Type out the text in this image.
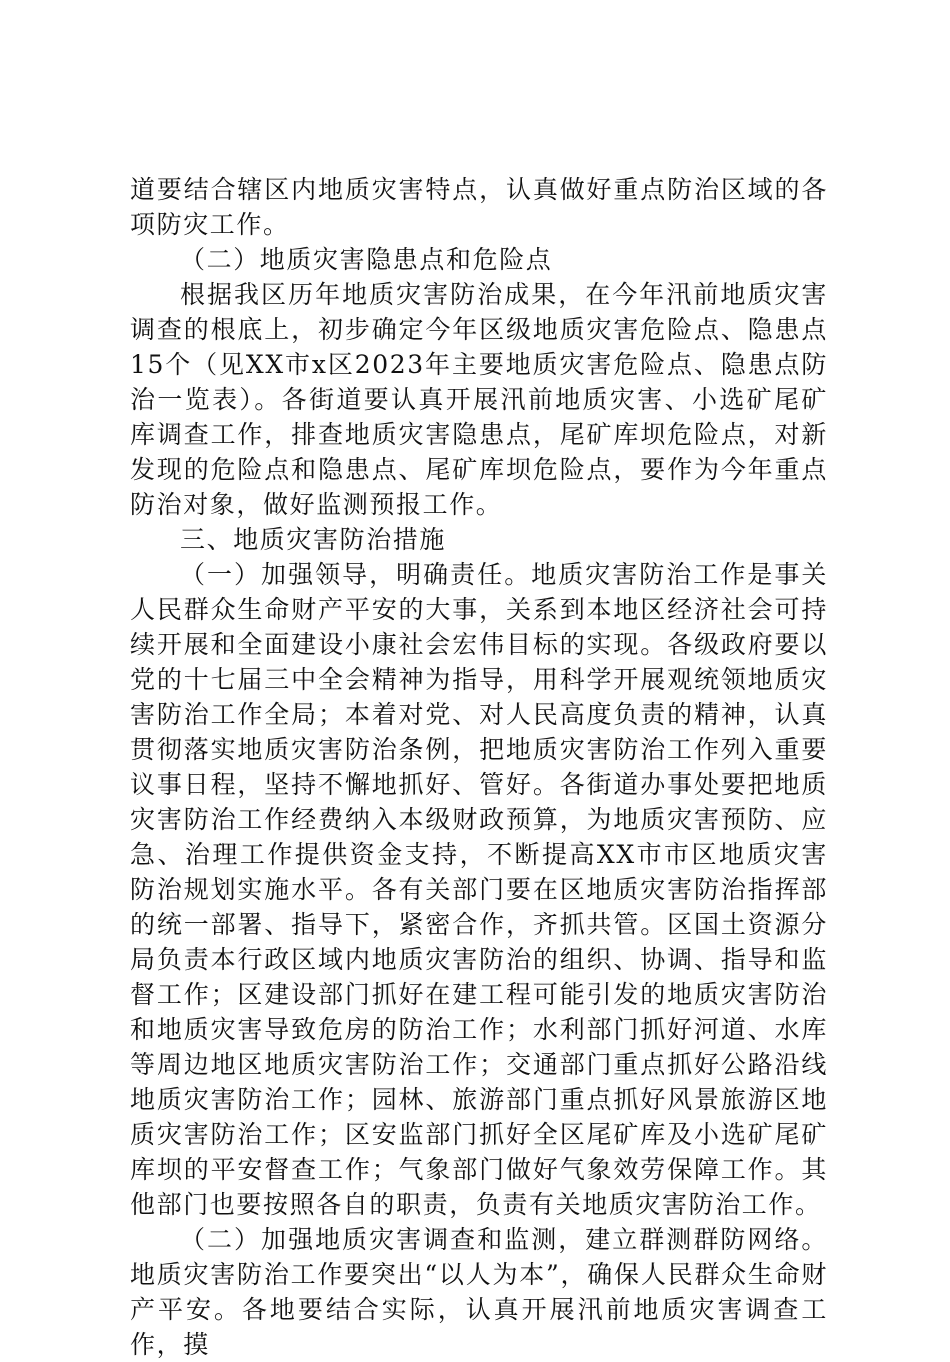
道要结合辖区内地质灾害特点，认真做好重点防治区域的各项防灾工作。

（二）地质灾害隐患点和危险点

根据我区历年地质灾害防治成果，在今年汛前地质灾害调查的根底上，初步确定今年区级地质灾害危险点、隐患点15个（见XX市x区2023年主要地质灾害危险点、隐患点防治一览表）。各街道要认真开展汛前地质灾害、小选矿尾矿库调查工作，排查地质灾害隐患点，尾矿库坝危险点，对新发现的危险点和隐患点、尾矿库坝危险点，要作为今年重点防治对象，做好监测预报工作。

三、地质灾害防治措施

（一）加强领导，明确责任。地质灾害防治工作是事关人民群众生命财产平安的大事，关系到本地区经济社会可持续开展和全面建设小康社会宏伟目标的实现。各级政府要以党的十七届三中全会精神为指导，用科学开展观统领地质灾害防治工作全局；本着对党、对人民高度负责的精神，认真贯彻落实地质灾害防治条例，把地质灾害防治工作列入重要议事日程，坚持不懈地抓好、管好。各街道办事处要把地质灾害防治工作经费纳入本级财政预算，为地质灾害预防、应急、治理工作提供资金支持，不断提高XX市市区地质灾害防治规划实施水平。各有关部门要在区地质灾害防治指挥部的统一部署、指导下，紧密合作，齐抓共管。区国土资源分局负责本行政区域内地质灾害防治的组织、协调、指导和监督工作；区建设部门抓好在建工程可能引发的地质灾害防治和地质灾害导致危房的防治工作；水利部门抓好河道、水库等周边地区地质灾害防治工作；交通部门重点抓好公路沿线地质灾害防治工作；园林、旅游部门重点抓好风景旅游区地质灾害防治工作；区安监部门抓好全区尾矿库及小选矿尾矿库坝的平安督查工作；气象部门做好气象效劳保障工作。其他部门也要按照各自的职责，负责有关地质灾害防治工作。

（二）加强地质灾害调查和监测，建立群测群防网络。地质灾害防治工作要突出“以人为本”，确保人民群众生命财产平安。各地要结合实际，认真开展汛前地质灾害调查工作，摸
